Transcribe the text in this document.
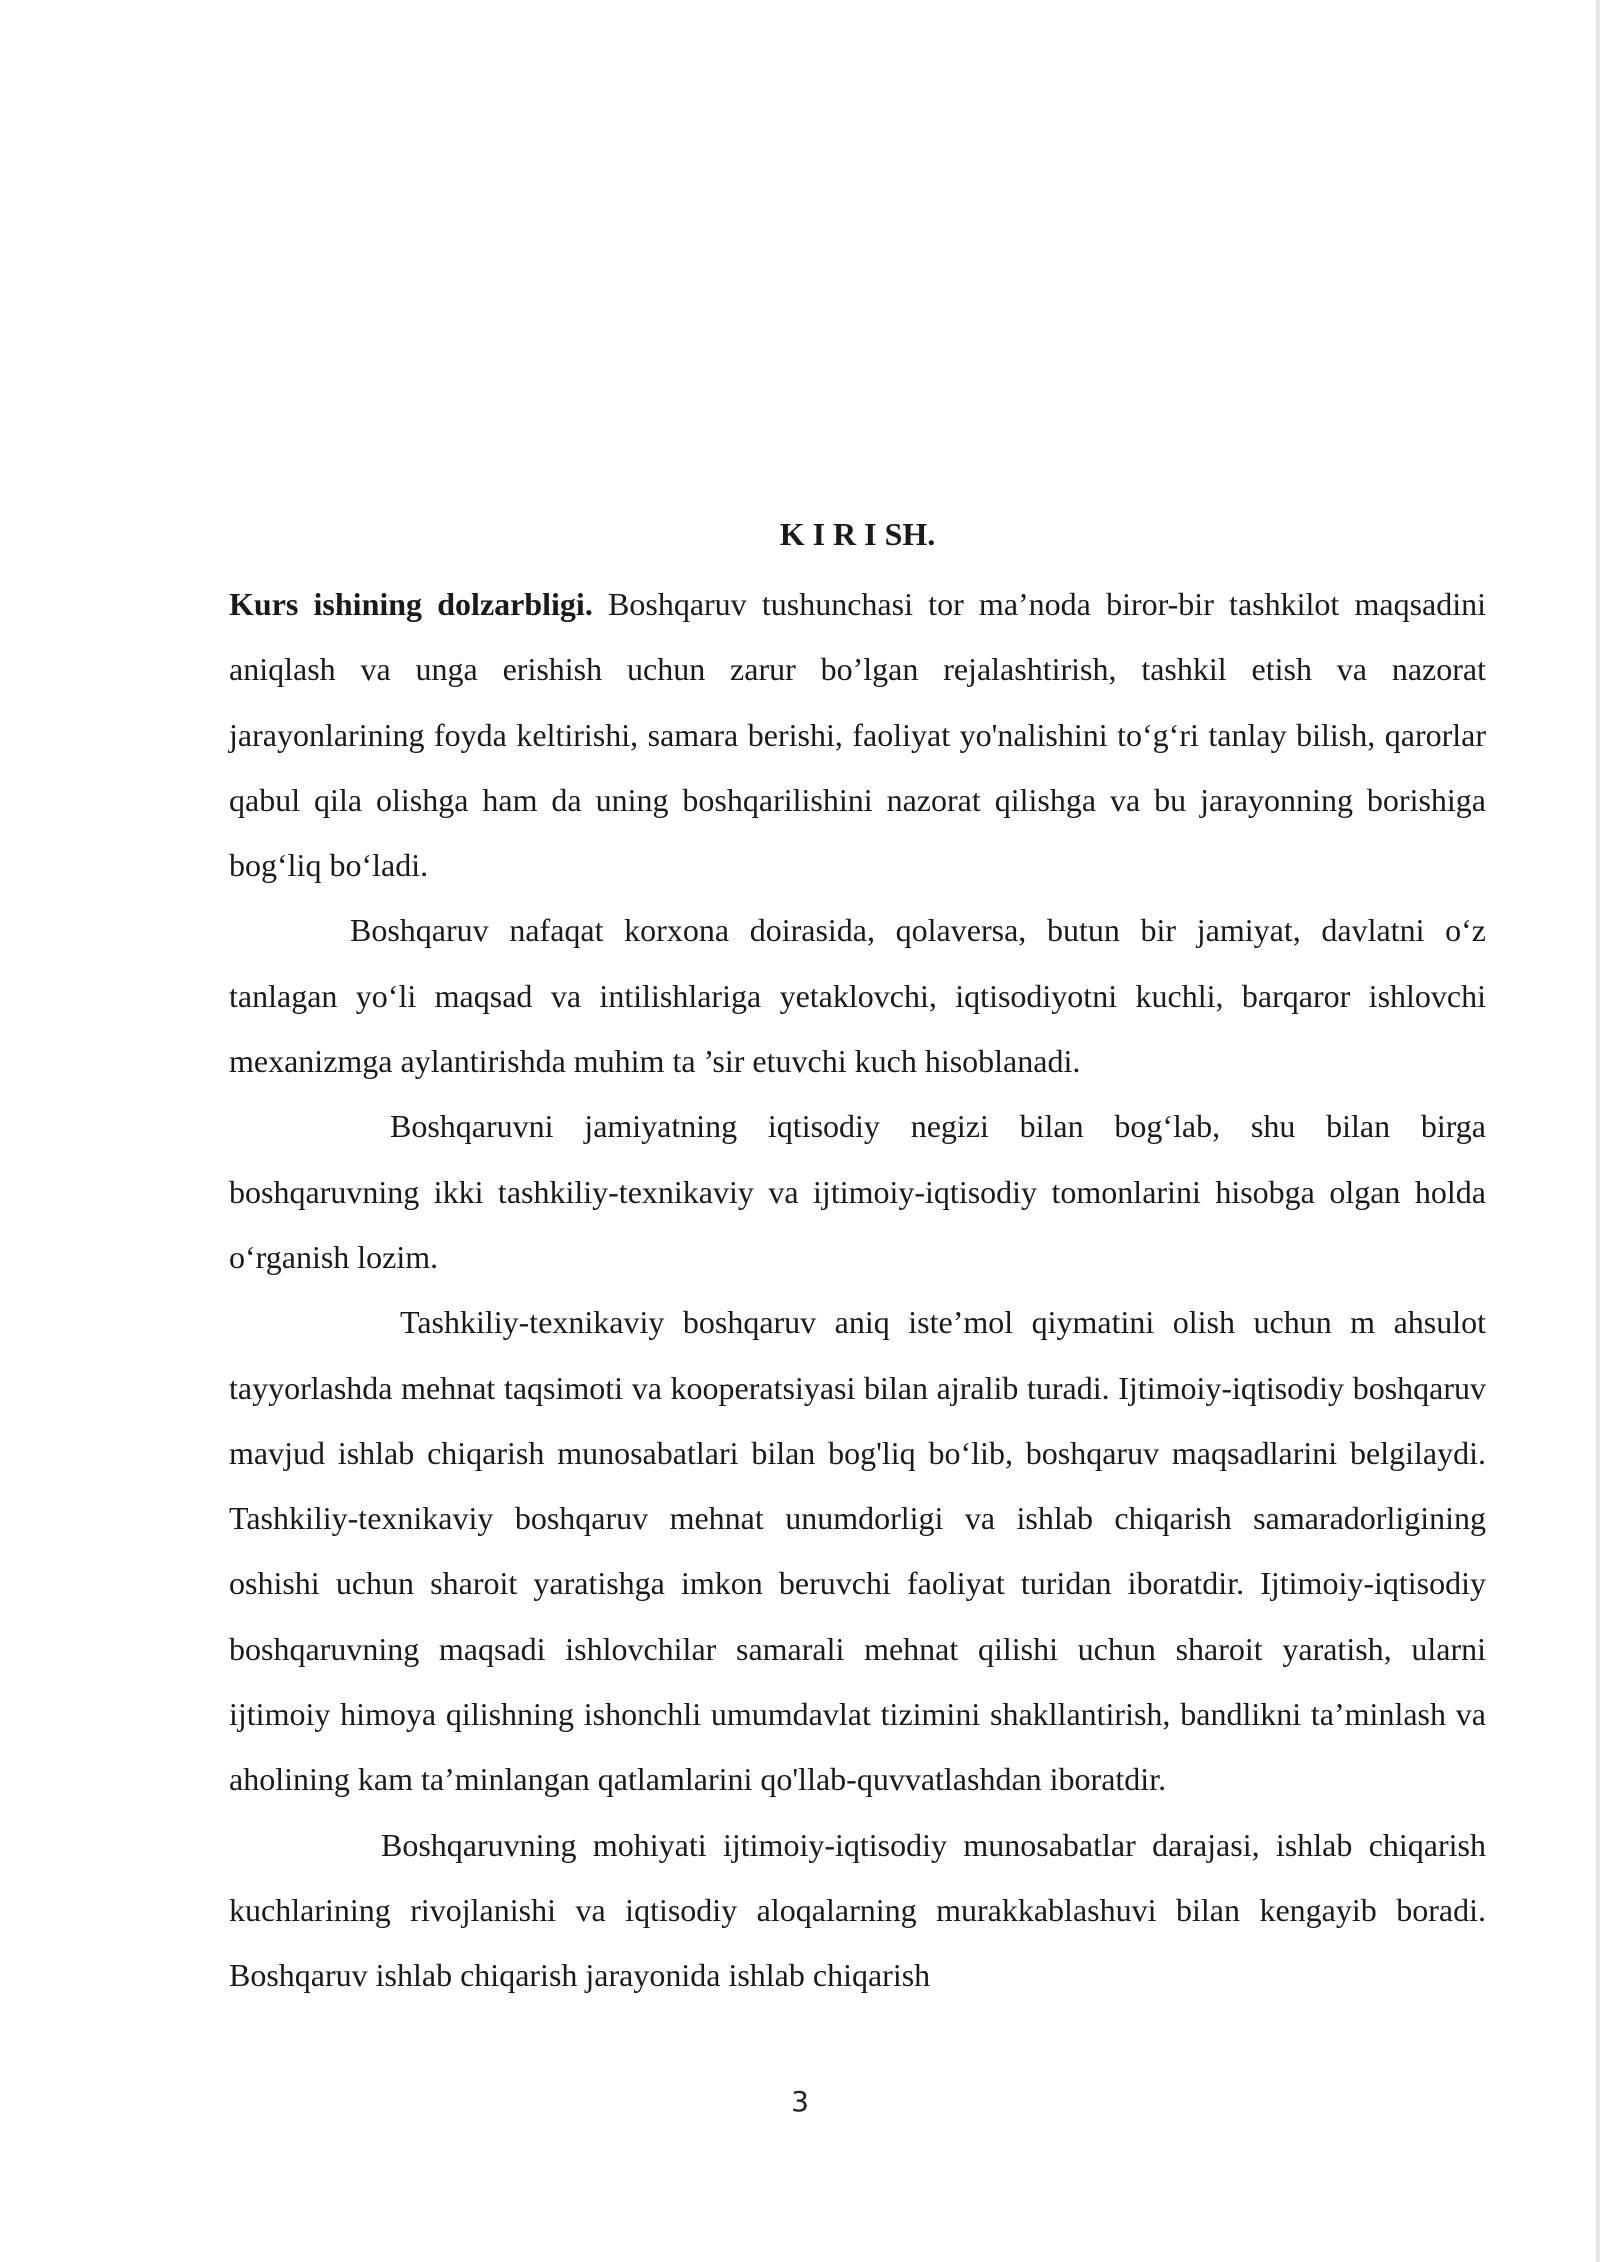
K I R I SH.

Kurs ishining dolzarbligi. Boshqaruv tushunchasi tor ma’noda biror-bir tashkilot maqsadini aniqlash va unga erishish uchun zarur bo’lgan rejalashtirish, tashkil etish va nazorat jarayonlarining foyda keltirishi, samara berishi, faoliyat yo'nalishini to‘g‘ri tanlay bilish, qarorlar qabul qila olishga ham da uning boshqarilishini nazorat qilishga va bu jarayonning borishiga bog‘liq bo‘ladi.

Boshqaruv nafaqat korxona doirasida, qolaversa, butun bir jamiyat, davlatni o‘z tanlagan yo‘li maqsad va intilishlariga yetaklovchi, iqtisodiyotni kuchli, barqaror ishlovchi mexanizmga aylantirishda muhim ta ’sir etuvchi kuch hisoblanadi.

Boshqaruvni jamiyatning iqtisodiy negizi bilan bog‘lab, shu bilan birga boshqaruvning ikki tashkiliy-texnikaviy va ijtimoiy-iqtisodiy tomonlarini hisobga olgan holda o‘rganish lozim.

Tashkiliy-texnikaviy boshqaruv aniq iste’mol qiymatini olish uchun m ahsulot tayyorlashda mehnat taqsimoti va kooperatsiyasi bilan ajralib turadi. Ijtimoiy-iqtisodiy boshqaruv mavjud ishlab chiqarish munosabatlari bilan bog'liq bo‘lib, boshqaruv maqsadlarini belgilaydi. Tashkiliy-texnikaviy boshqaruv mehnat unumdorligi va ishlab chiqarish samaradorligining oshishi uchun sharoit yaratishga imkon beruvchi faoliyat turidan iboratdir. Ijtimoiy-iqtisodiy boshqaruvning maqsadi ishlovchilar samarali mehnat qilishi uchun sharoit yaratish, ularni ijtimoiy himoya qilishning ishonchli umumdavlat tizimini shakllantirish, bandlikni ta’minlash va aholining kam ta’minlangan qatlamlarini qo'llab-quvvatlashdan iboratdir.

Boshqaruvning mohiyati ijtimoiy-iqtisodiy munosabatlar darajasi, ishlab chiqarish kuchlarining rivojlanishi va iqtisodiy aloqalarning murakkablashuvi bilan kengayib boradi. Boshqaruv ishlab chiqarish jarayonida ishlab chiqarish

3
